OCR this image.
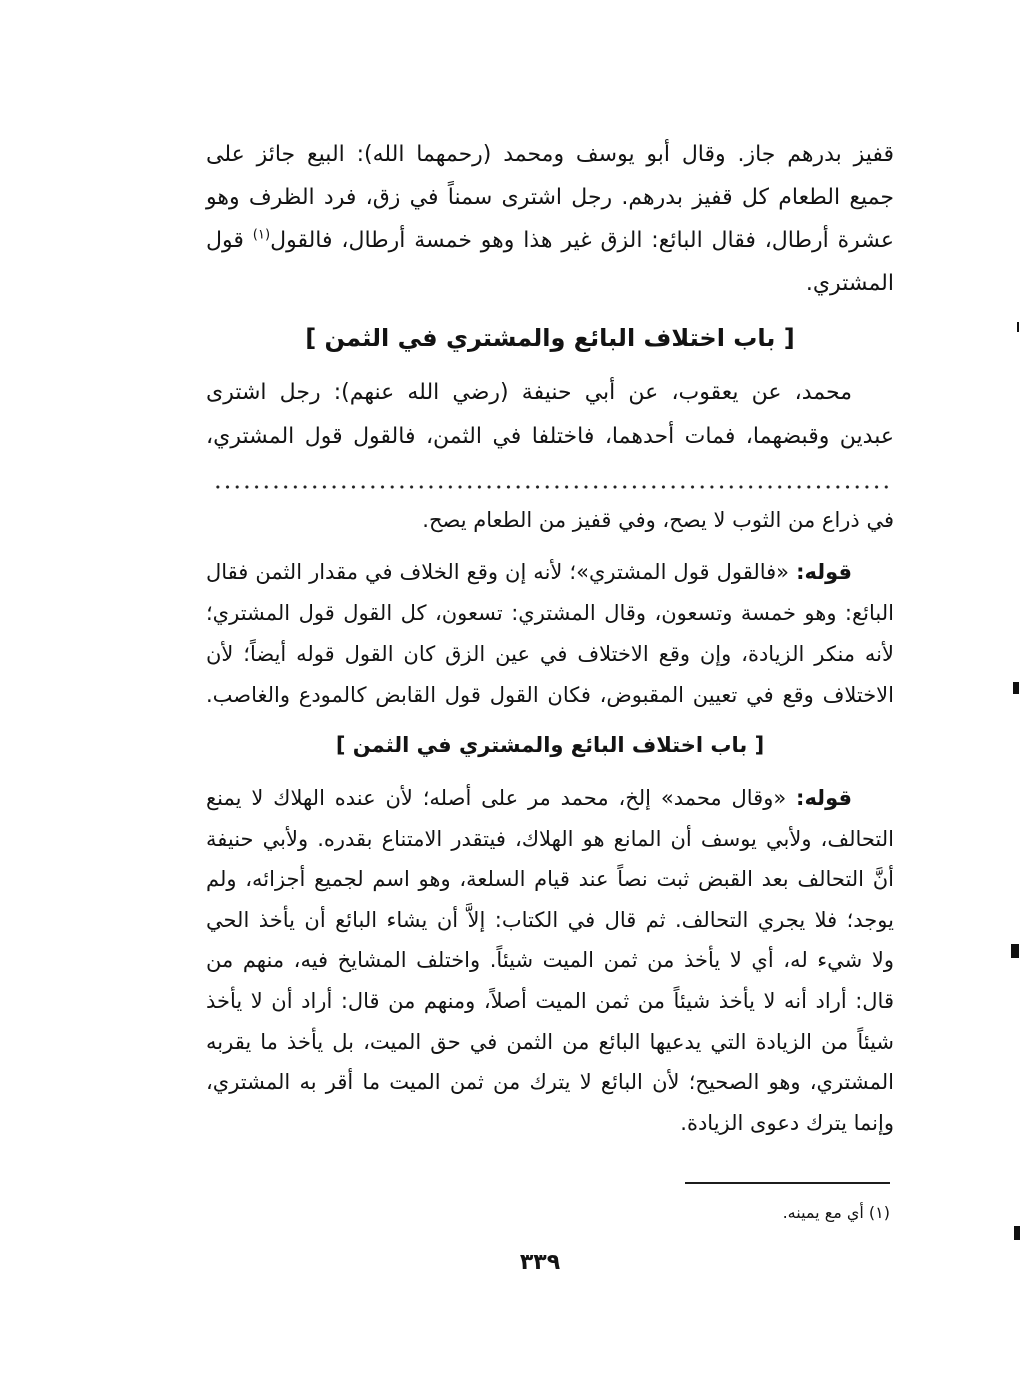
قفيز بدرهم جاز. وقال أبو يوسف ومحمد (رحمهما الله): البيع جائز على
جميع الطعام كل قفيز بدرهم. رجل اشترى سمناً في زق، فرد الظرف وهو
عشرة أرطال، فقال البائع: الزق غير هذا وهو خمسة أرطال، فالقول$^{(١)}$ قول
المشتري.
[ باب اختلاف البائع والمشتري في الثمن ]
محمد، عن يعقوب، عن أبي حنيفة (رضي الله عنهم): رجل اشترى
عبدين وقبضهما، فمات أحدهما، فاختلفا في الثمن، فالقول قول المشتري،
في ذراع من الثوب لا يصح، وفي قفيز من الطعام يصح.
قوله: «فالقول قول المشتري»؛ لأنه إن وقع الخلاف في مقدار الثمن فقال
البائع: وهو خمسة وتسعون، وقال المشتري: تسعون، كل القول قول المشتري؛
لأنه منكر الزيادة، وإن وقع الاختلاف في عين الزق كان القول قوله أيضاً؛ لأن
الاختلاف وقع في تعيين المقبوض، فكان القول قول القابض كالمودع والغاصب.
[ باب اختلاف البائع والمشتري في الثمن ]
قوله: «وقال محمد» إلخ، محمد مر على أصله؛ لأن عنده الهلاك لا يمنع
التحالف، ولأبي يوسف أن المانع هو الهلاك، فيتقدر الامتناع بقدره. ولأبي حنيفة
أنَّ التحالف بعد القبض ثبت نصاً عند قيام السلعة، وهو اسم لجميع أجزائه، ولم
يوجد؛ فلا يجري التحالف. ثم قال في الكتاب: إلاَّ أن يشاء البائع أن يأخذ الحي
ولا شيء له، أي لا يأخذ من ثمن الميت شيئاً. واختلف المشايخ فيه، منهم من
قال: أراد أنه لا يأخذ شيئاً من ثمن الميت أصلاً، ومنهم من قال: أراد أن لا يأخذ
شيئاً من الزيادة التي يدعيها البائع من الثمن في حق الميت، بل يأخذ ما يقربه
المشتري، وهو الصحيح؛ لأن البائع لا يترك من ثمن الميت ما أقر به المشتري،
وإنما يترك دعوى الزيادة.
(١) أي مع يمينه.
٣٣٩
